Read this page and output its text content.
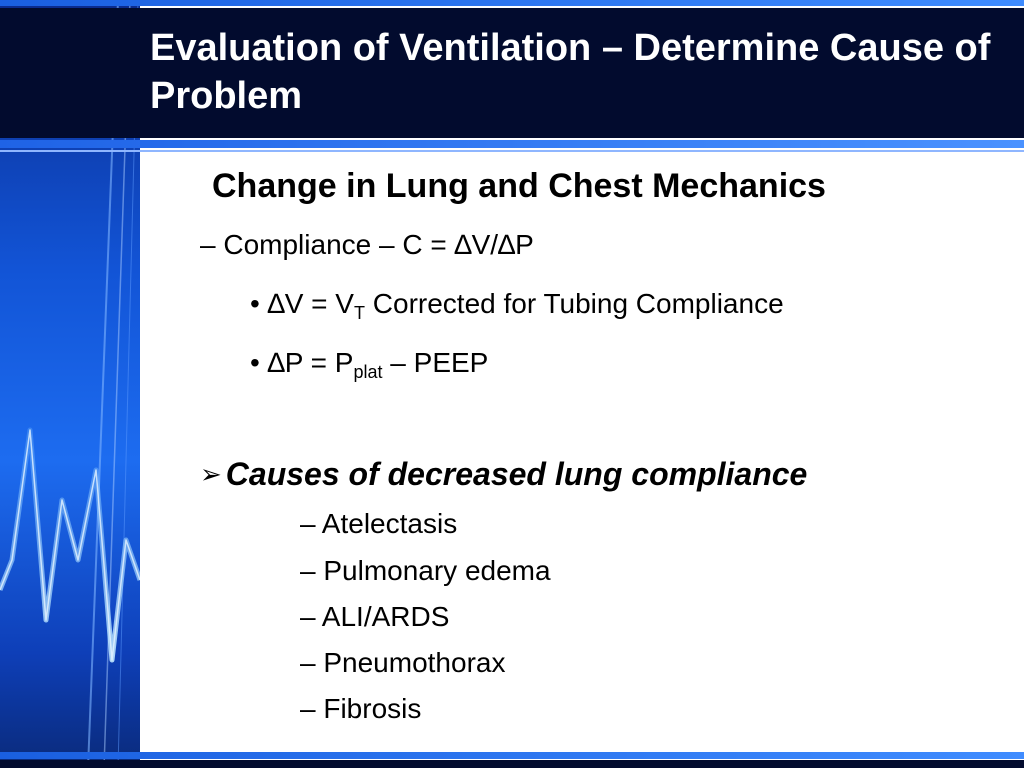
Evaluation of Ventilation – Determine Cause of Problem
Change in Lung and Chest Mechanics
– Compliance – C = ∆V/∆P
• $\Delta V = V_T$ Corrected for Tubing Compliance
• $\Delta P = P_{plat}$ – PEEP
➢ Causes of decreased lung compliance
– Atelectasis
– Pulmonary edema
– ALI/ARDS
– Pneumothorax
– Fibrosis
